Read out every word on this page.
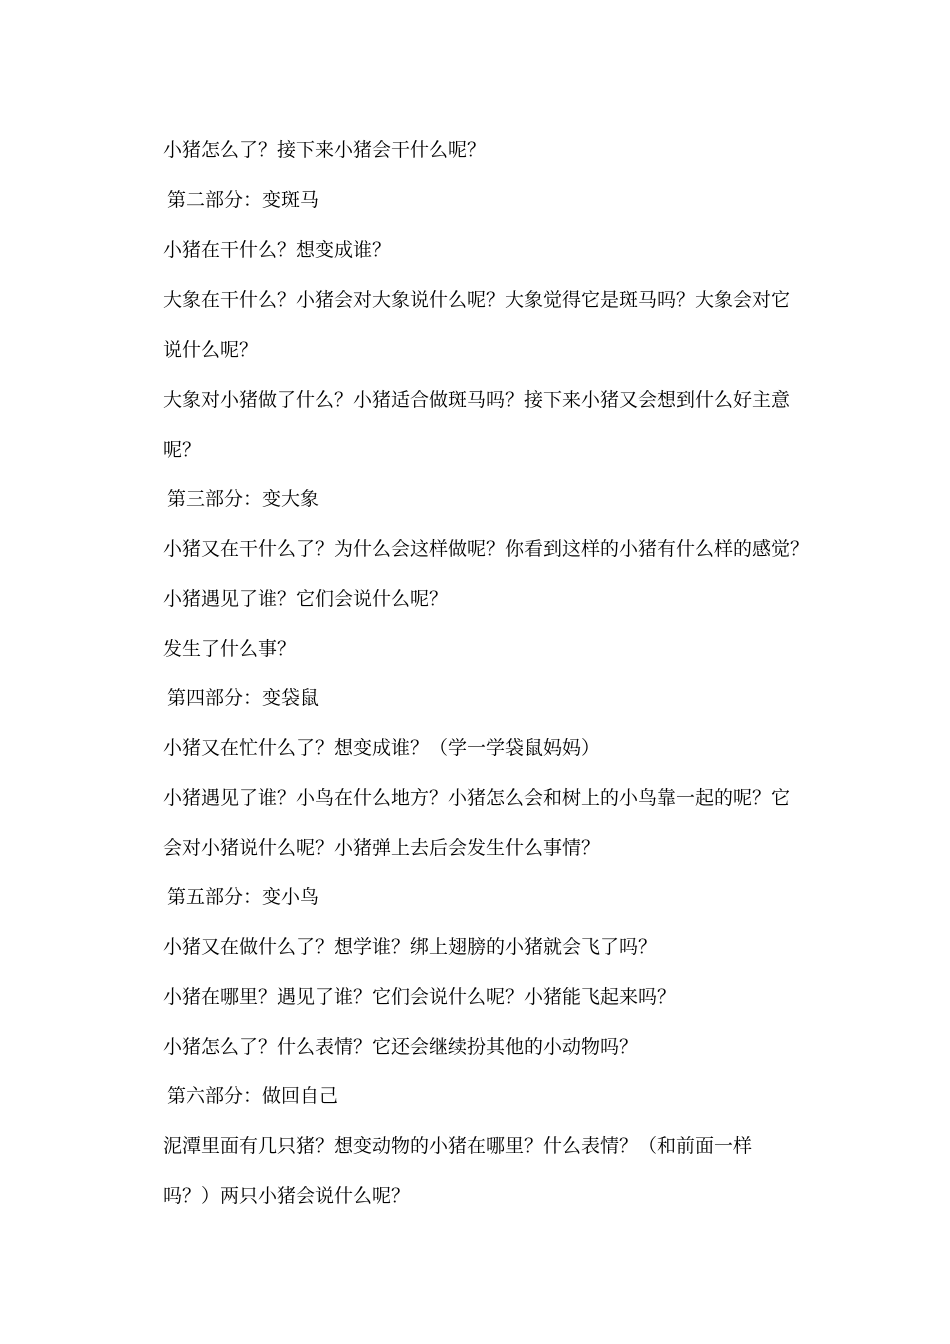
小猪怎么了？接下来小猪会干什么呢？
第二部分：变斑马
小猪在干什么？想变成谁？
大象在干什么？小猪会对大象说什么呢？大象觉得它是斑马吗？大象会对它
说什么呢？
大象对小猪做了什么？小猪适合做斑马吗？接下来小猪又会想到什么好主意
呢？
第三部分：变大象
小猪又在干什么了？为什么会这样做呢？你看到这样的小猪有什么样的感觉？
小猪遇见了谁？它们会说什么呢？
发生了什么事？
第四部分：变袋鼠
小猪又在忙什么了？想变成谁？（学一学袋鼠妈妈）
小猪遇见了谁？小鸟在什么地方？小猪怎么会和树上的小鸟靠一起的呢？它
会对小猪说什么呢？小猪弹上去后会发生什么事情？
第五部分：变小鸟
小猪又在做什么了？想学谁？绑上翅膀的小猪就会飞了吗？
小猪在哪里？遇见了谁？它们会说什么呢？小猪能飞起来吗？
小猪怎么了？什么表情？它还会继续扮其他的小动物吗？
第六部分：做回自己
泥潭里面有几只猪？想变动物的小猪在哪里？什么表情？（和前面一样
吗？）两只小猪会说什么呢？
